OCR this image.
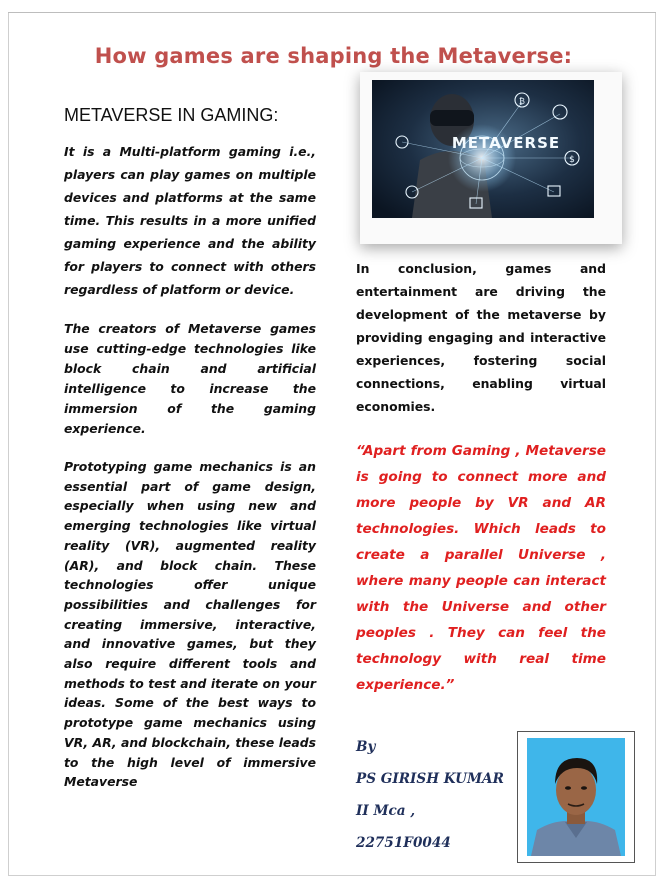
How games are shaping the Metaverse:
METAVERSE IN GAMING:

It is a Multi-platform gaming i.e., players can play games on multiple devices and platforms at the same time. This results in a more unified gaming experience and the ability for players to connect with others regardless of platform or device.

The creators of Metaverse games use cutting-edge technologies like block chain and artificial intelligence to increase the immersion of the gaming experience.

Prototyping game mechanics is an essential part of game design, especially when using new and emerging technologies like virtual reality (VR), augmented reality (AR), and block chain. These technologies offer unique possibilities and challenges for creating immersive, interactive, and innovative games, but they also require different tools and methods to test and iterate on your ideas. Some of the best ways to prototype game mechanics using VR, AR, and blockchain, these leads to the high level of immersive Metaverse

₿
$
METAVERSE

In conclusion, games and entertainment are driving the development of the metaverse by providing engaging and interactive experiences, fostering social connections, enabling virtual economies.

“Apart from Gaming , Metaverse is going to connect more and more people by VR and AR technologies. Which leads to create a parallel Universe , where many people can interact with the Universe and other peoples . They can feel the technology with real time experience.”

By
PS GIRISH KUMAR
II Mca , 22751F0044
